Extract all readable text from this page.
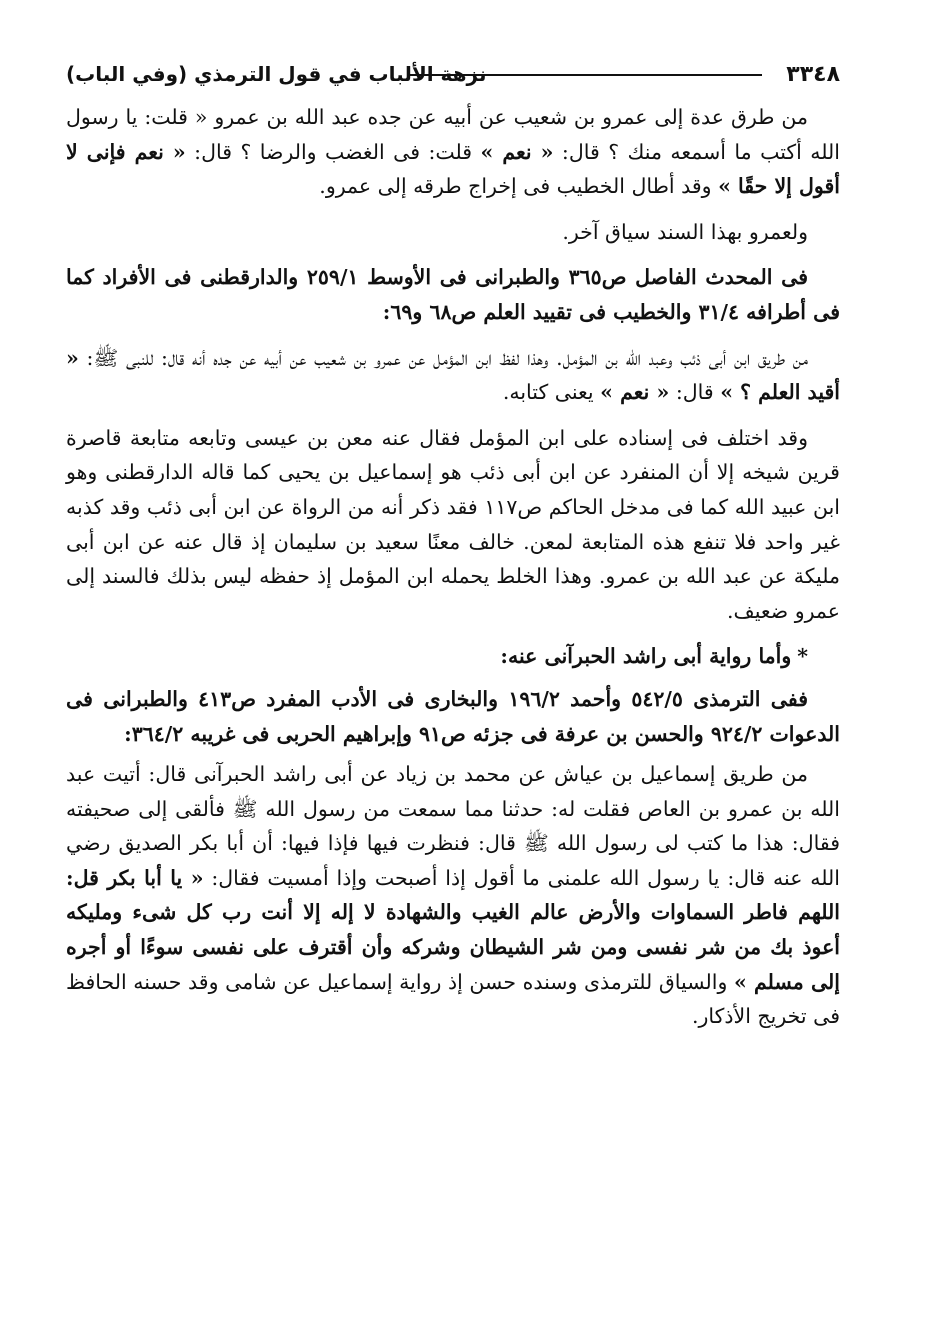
٣٣٤٨
نزهة الألباب في قول الترمذي (وفي الباب)

من طرق عدة إلى عمرو بن شعيب عن أبيه عن جده عبد الله بن عمرو « قلت: يا رسول الله أكتب ما أسمعه منك ؟ قال: « نعم » قلت: فى الغضب والرضا ؟ قال: « نعم فإنى لا أقول إلا حقًا » وقد أطال الخطيب فى إخراج طرقه إلى عمرو.

ولعمرو بهذا السند سياق آخر.

فى المحدث الفاصل ص٣٦٥ والطبرانى فى الأوسط ٢٥٩/١ والدارقطنى فى الأفراد كما فى أطرافه ٣١/٤ والخطيب فى تقييد العلم ص٦٨ و٦٩:

من طريق ابن أبى ذئب وعبد الله بن المؤمل. وهذا لفظ ابن المؤمل عن عمرو بن شعيب عن أبيه عن جده أنه قال: للنبى ﷺ: « أقيد العلم ؟ » قال: « نعم » يعنى كتابه.

وقد اختلف فى إسناده على ابن المؤمل فقال عنه معن بن عيسى وتابعه متابعة قاصرة قرين شيخه إلا أن المنفرد عن ابن أبى ذئب هو إسماعيل بن يحيى كما قاله الدارقطنى وهو ابن عبيد الله كما فى مدخل الحاكم ص١١٧ فقد ذكر أنه من الرواة عن ابن أبى ذئب وقد كذبه غير واحد فلا تنفع هذه المتابعة لمعن. خالف معنًا سعيد بن سليمان إذ قال عنه عن ابن أبى مليكة عن عبد الله بن عمرو. وهذا الخلط يحمله ابن المؤمل إذ حفظه ليس بذلك فالسند إلى عمرو ضعيف.

*وأما رواية أبى راشد الحبرآنى عنه:

ففى الترمذى ٥٤٢/٥ وأحمد ١٩٦/٢ والبخارى فى الأدب المفرد ص٤١٣ والطبرانى فى الدعوات ٩٢٤/٢ والحسن بن عرفة فى جزئه ص٩١ وإبراهيم الحربى فى غريبه ٣٦٤/٢:

من طريق إسماعيل بن عياش عن محمد بن زياد عن أبى راشد الحبرآنى قال: أتيت عبد الله بن عمرو بن العاص فقلت له: حدثنا مما سمعت من رسول الله ﷺ فألقى إلى صحيفته فقال: هذا ما كتب لى رسول الله ﷺ قال: فنظرت فيها فإذا فيها: أن أبا بكر الصديق رضي الله عنه قال: يا رسول الله علمنى ما أقول إذا أصبحت وإذا أمسيت فقال: « يا أبا بكر قل: اللهم فاطر السماوات والأرض عالم الغيب والشهادة لا إله إلا أنت رب كل شىء ومليكه أعوذ بك من شر نفسى ومن شر الشيطان وشركه وأن أقترف على نفسى سوءًا أو أجره إلى مسلم » والسياق للترمذى وسنده حسن إذ رواية إسماعيل عن شامى وقد حسنه الحافظ فى تخريج الأذكار.
